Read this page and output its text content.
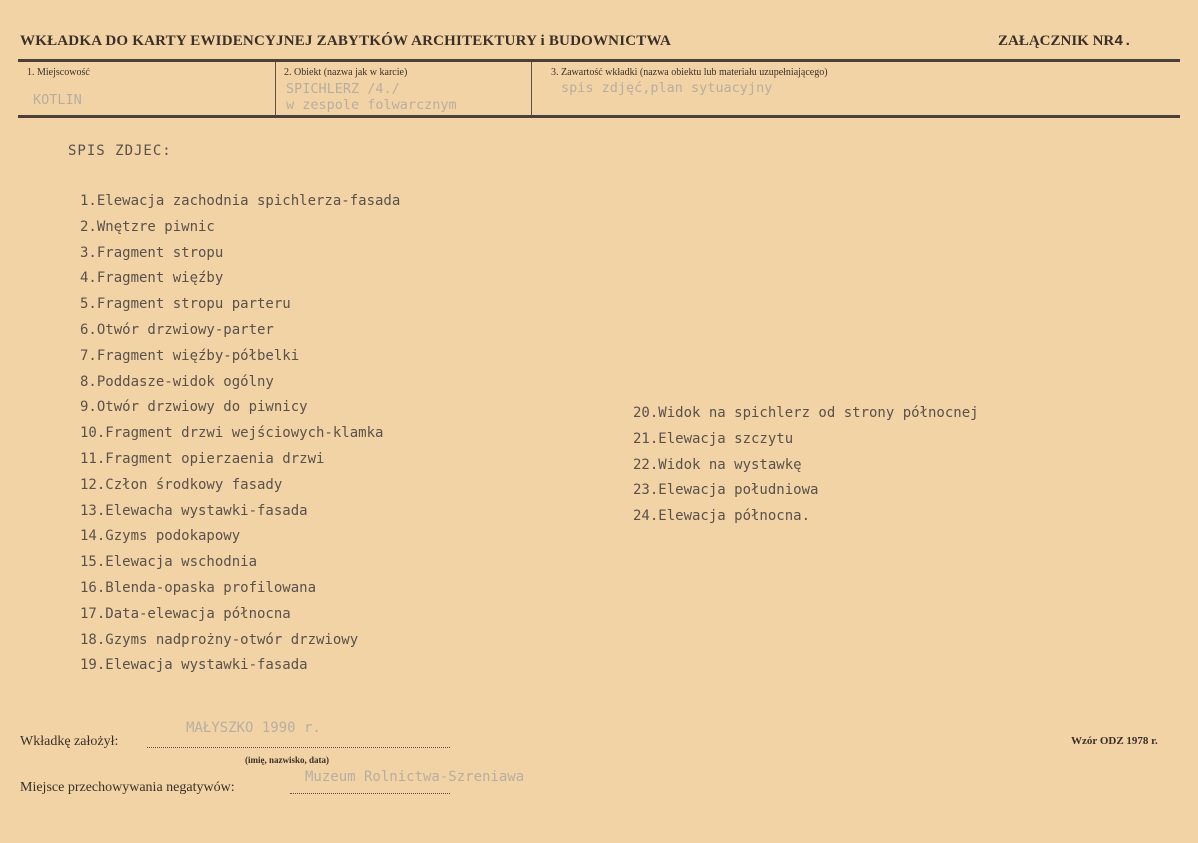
WKŁADKA DO KARTY EWIDENCYJNEJ ZABYTKÓW ARCHITEKTURY i BUDOWNICTWA	ZAŁĄCZNIK NR4.
1. Miejscowość
KOTLIN
2. Obiekt (nazwa jak w karcie)
SPICHLERZ /4./
w zespole folwarcznym
3. Zawartość wkładki (nazwa obiektu lub materiału uzupełniającego)
spis zdjęć,plan sytuacyjny
SPIS ZDJEC:
1.Elewacja zachodnia spichlerza-fasada
2.Wnętzre piwnic
3.Fragment stropu
4.Fragment więźby
5.Fragment stropu parteru
6.Otwór drzwiowy-parter
7.Fragment więźby-półbelki
8.Poddasze-widok ogólny
9.Otwór drzwiowy do piwnicy
10.Fragment drzwi wejściowych-klamka
11.Fragment opierzaenia drzwi
12.Człon środkowy fasady
13.Elewacha wystawki-fasada
14.Gzyms podokapowy
15.Elewacja wschodnia
16.Blenda-opaska profilowana
17.Data-elewacja północna
18.Gzyms nadprożny-otwór drzwiowy
19.Elewacja wystawki-fasada
20.Widok na spichlerz od strony północnej
21.Elewacja szczytu
22.Widok na wystawkę
23.Elewacja południowa
24.Elewacja północna.
Wkładkę założył:
MAŁYSZKO 1990 r.
(imię, nazwisko, data)
Miejsce przechowywania negatywów:
Muzeum Rolnictwa-Szreniawa
Wzór ODZ 1978 r.
